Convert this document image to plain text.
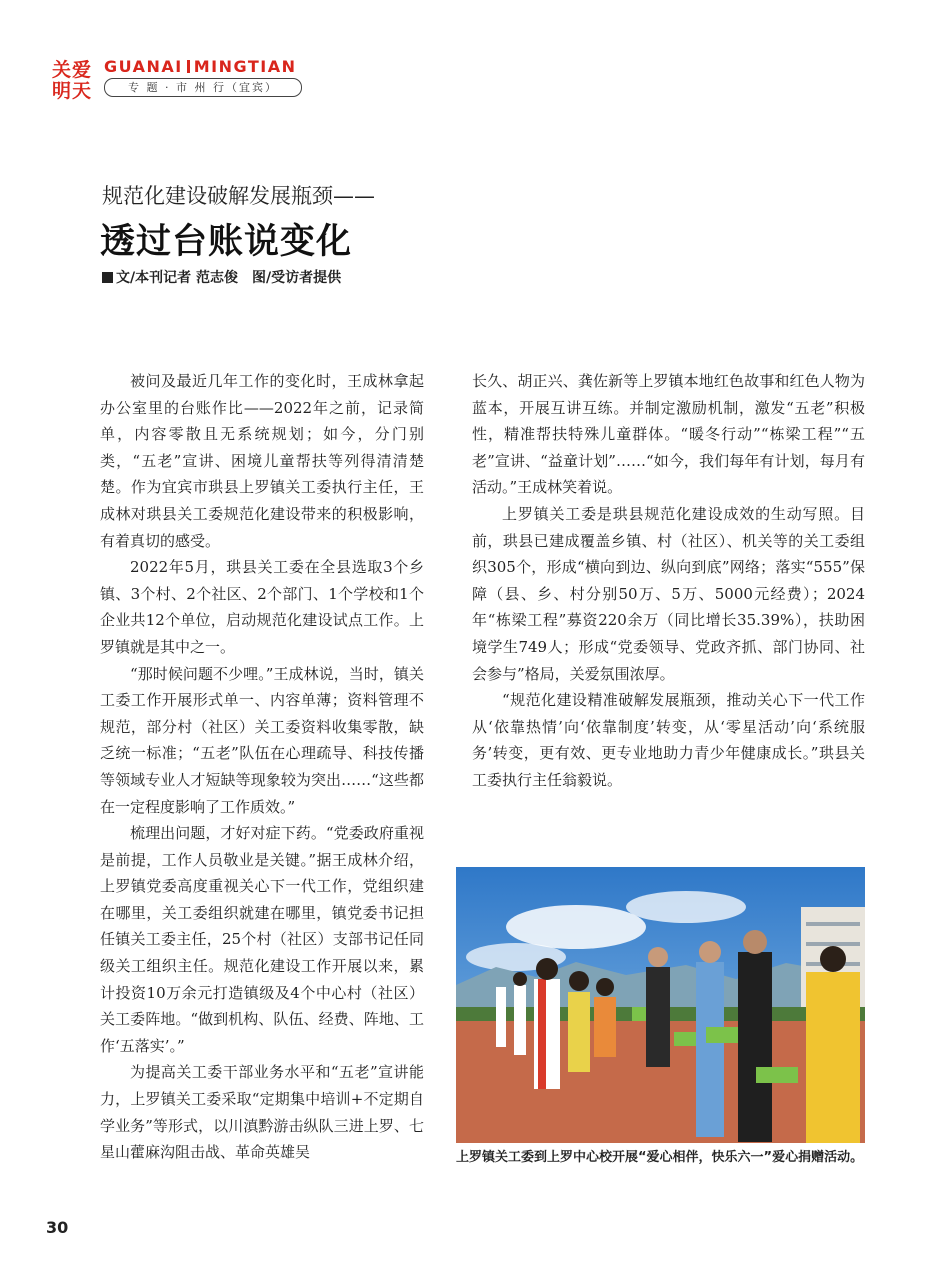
关爱
明天
GUANAI MINGTIAN
专 题 · 市 州 行（宜宾）
规范化建设破解发展瓶颈——
透过台账说变化
文/本刊记者 范志俊　图/受访者提供

被问及最近几年工作的变化时，王成林拿起办公室里的台账作比——2022年之前，记录简单，内容零散且无系统规划；如今，分门别类，“五老”宣讲、困境儿童帮扶等列得清清楚楚。作为宜宾市珙县上罗镇关工委执行主任，王成林对珙县关工委规范化建设带来的积极影响，有着真切的感受。

2022年5月，珙县关工委在全县选取3个乡镇、3个村、2个社区、2个部门、1个学校和1个企业共12个单位，启动规范化建设试点工作。上罗镇就是其中之一。

“那时候问题不少哩。”王成林说，当时，镇关工委工作开展形式单一、内容单薄；资料管理不规范，部分村（社区）关工委资料收集零散，缺乏统一标准；“五老”队伍在心理疏导、科技传播等领域专业人才短缺等现象较为突出……“这些都在一定程度影响了工作质效。”

梳理出问题，才好对症下药。“党委政府重视是前提，工作人员敬业是关键。”据王成林介绍，上罗镇党委高度重视关心下一代工作，党组织建在哪里，关工委组织就建在哪里，镇党委书记担任镇关工委主任，25个村（社区）支部书记任同级关工组织主任。规范化建设工作开展以来，累计投资10万余元打造镇级及4个中心村（社区）关工委阵地。“做到机构、队伍、经费、阵地、工作‘五落实’。”

为提高关工委干部业务水平和“五老”宣讲能力，上罗镇关工委采取“定期集中培训+不定期自学业务”等形式，以川滇黔游击纵队三进上罗、七星山藿麻沟阻击战、革命英雄吴

长久、胡正兴、龚佐新等上罗镇本地红色故事和红色人物为蓝本，开展互讲互练。并制定激励机制，激发“五老”积极性，精准帮扶特殊儿童群体。“暖冬行动”“栋梁工程”“五老”宣讲、“益童计划”……“如今，我们每年有计划，每月有活动。”王成林笑着说。

上罗镇关工委是珙县规范化建设成效的生动写照。目前，珙县已建成覆盖乡镇、村（社区）、机关等的关工委组织305个，形成“横向到边、纵向到底”网络；落实“555”保障（县、乡、村分别50万、5万、5000元经费）；2024年“栋梁工程”募资220余万（同比增长35.39%），扶助困境学生749人；形成“党委领导、党政齐抓、部门协同、社会参与”格局，关爱氛围浓厚。

“规范化建设精准破解发展瓶颈，推动关心下一代工作从‘依靠热情’向‘依靠制度’转变，从‘零星活动’向‘系统服务’转变，更有效、更专业地助力青少年健康成长。”珙县关工委执行主任翁毅说。

上罗镇关工委到上罗中心校开展“爱心相伴，快乐六一”爱心捐赠活动。
30
